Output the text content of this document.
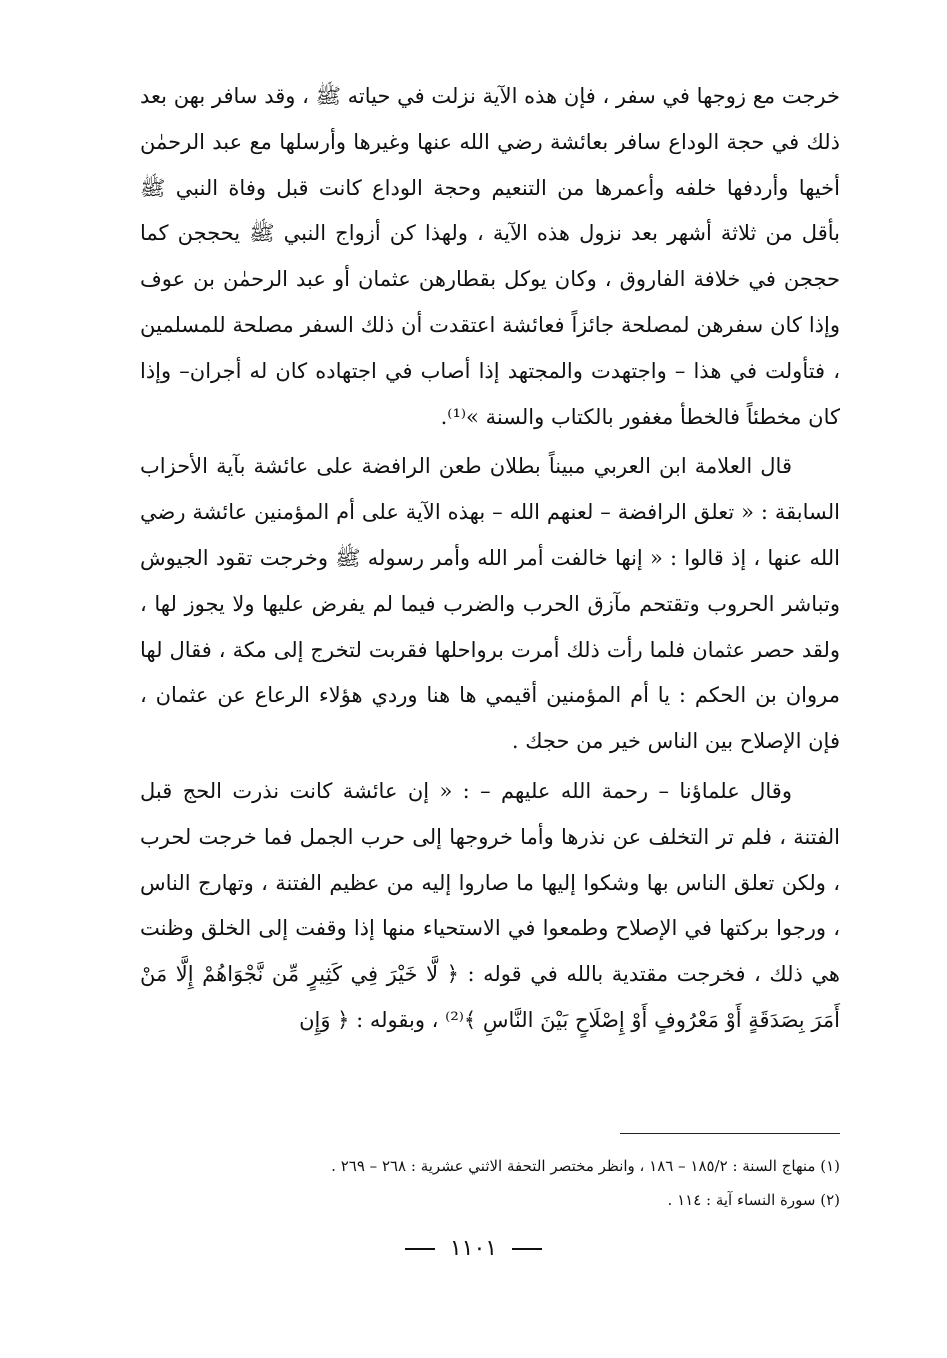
خرجت مع زوجها في سفر ، فإن هذه الآية نزلت في حياته ﷺ ، وقد سافر بهن بعد ذلك في حجة الوداع سافر بعائشة رضي الله عنها وغيرها وأرسلها مع عبد الرحمٰن أخيها وأردفها خلفه وأعمرها من التنعيم وحجة الوداع كانت قبل وفاة النبي ﷺ بأقل من ثلاثة أشهر بعد نزول هذه الآية ، ولهذا كن أزواج النبي ﷺ يحججن كما حججن في خلافة الفاروق ، وكان يوكل بقطارهن عثمان أو عبد الرحمٰن بن عوف وإذا كان سفرهن لمصلحة جائزاً فعائشة اعتقدت أن ذلك السفر مصلحة للمسلمين ، فتأولت في هذا – واجتهدت والمجتهد إذا أصاب في اجتهاده كان له أجران– وإذا كان مخطئاً فالخطأ مغفور بالكتاب والسنة »⁽¹⁾.

قال العلامة ابن العربي مبيناً بطلان طعن الرافضة على عائشة بآية الأحزاب السابقة : « تعلق الرافضة – لعنهم الله – بهذه الآية على أم المؤمنين عائشة رضي الله عنها ، إذ قالوا : « إنها خالفت أمر الله وأمر رسوله ﷺ وخرجت تقود الجيوش وتباشر الحروب وتقتحم مآزق الحرب والضرب فيما لم يفرض عليها ولا يجوز لها ، ولقد حصر عثمان فلما رأت ذلك أمرت برواحلها فقربت لتخرج إلى مكة ، فقال لها مروان بن الحكم : يا أم المؤمنين أقيمي ها هنا وردي هؤلاء الرعاع عن عثمان ، فإن الإصلاح بين الناس خير من حجك .

وقال علماؤنا – رحمة الله عليهم – : « إن عائشة كانت نذرت الحج قبل الفتنة ، فلم تر التخلف عن نذرها وأما خروجها إلى حرب الجمل فما خرجت لحرب ، ولكن تعلق الناس بها وشكوا إليها ما صاروا إليه من عظيم الفتنة ، وتهارج الناس ، ورجوا بركتها في الإصلاح وطمعوا في الاستحياء منها إذا وقفت إلى الخلق وظنت هي ذلك ، فخرجت مقتدية بالله في قوله : ﴿ لَّا خَيْرَ فِي كَثِيرٍ مِّن نَّجْوَاهُمْ إِلَّا مَنْ أَمَرَ بِصَدَقَةٍ أَوْ مَعْرُوفٍ أَوْ إِصْلَاحٍ بَيْنَ النَّاسِ ﴾⁽²⁾ ، وبقوله : ﴿ وَإِن

(١) منهاج السنة : ١٨٥/٢ – ١٨٦ ، وانظر مختصر التحفة الاثني عشرية : ٢٦٨ – ٢٦٩ .

(٢) سورة النساء آية : ١١٤ .

١١٠١
